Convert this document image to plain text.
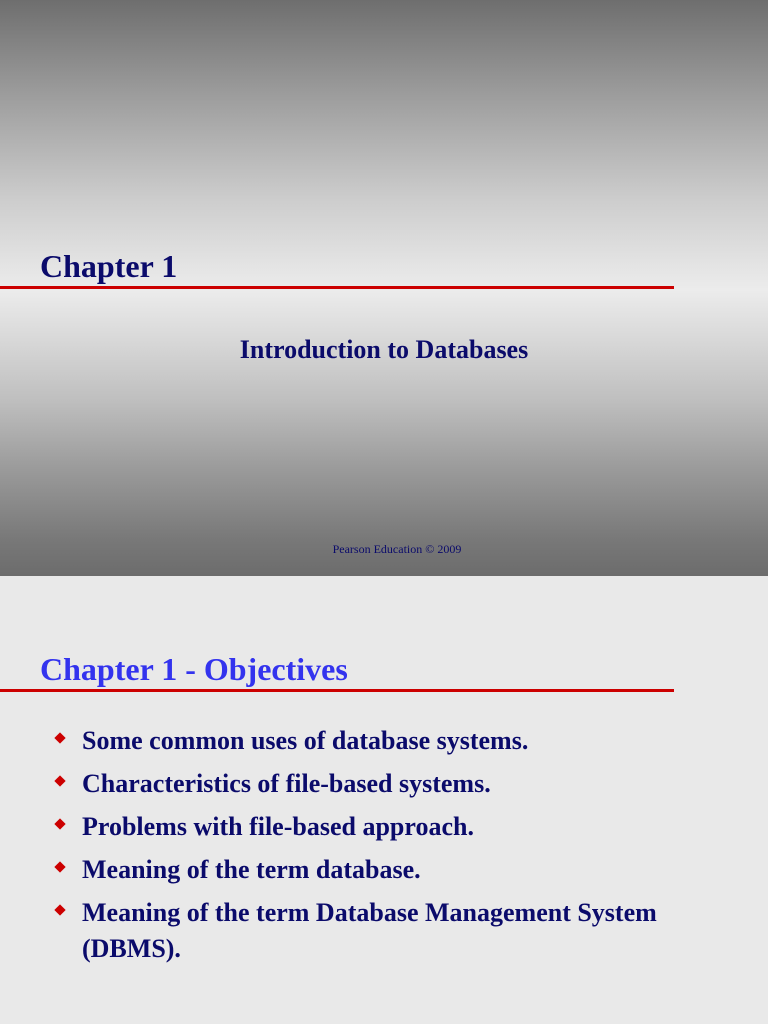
Chapter 1
Introduction to Databases
Pearson Education © 2009
Chapter 1 - Objectives
Some common uses of database systems.
Characteristics of file-based systems.
Problems with file-based approach.
Meaning of the term database.
Meaning of the term Database Management System (DBMS).
